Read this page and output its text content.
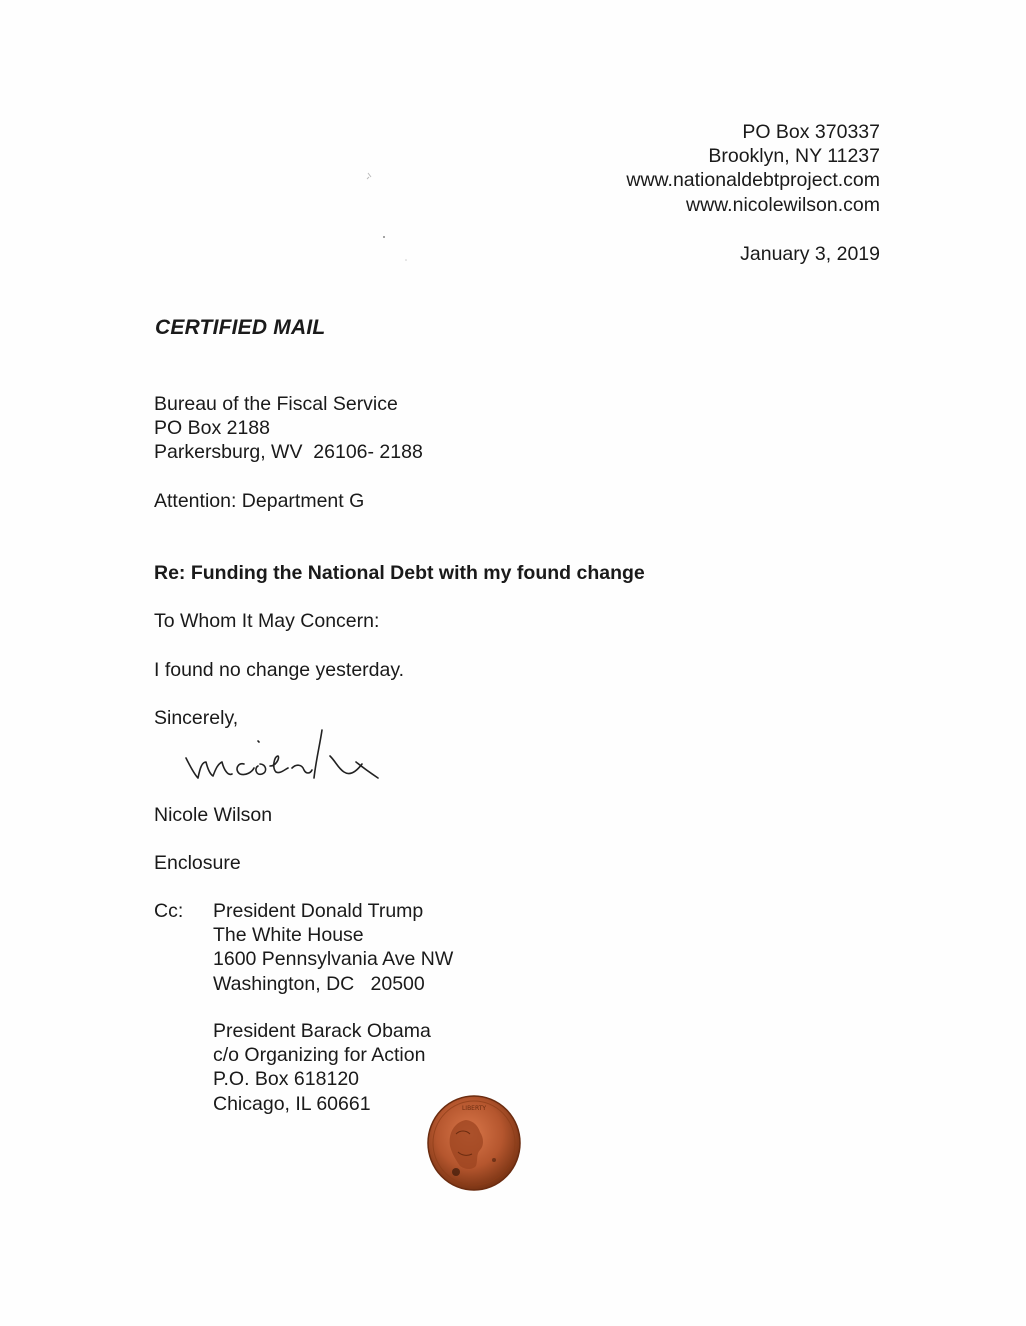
PO Box 370337
Brooklyn, NY 11237
www.nationaldebtproject.com
www.nicolewilson.com
January 3, 2019
CERTIFIED MAIL
Bureau of the Fiscal Service
PO Box 2188
Parkersburg, WV  26106- 2188
Attention: Department G
Re: Funding the National Debt with my found change
To Whom It May Concern:
I found no change yesterday.
Sincerely,
Nicole Wilson
Enclosure
Cc: President Donald Trump
The White House
1600 Pennsylvania Ave NW
Washington, DC   20500
President Barack Obama
c/o Organizing for Action
P.O. Box 618120
Chicago, IL 60661	LIBERTY
